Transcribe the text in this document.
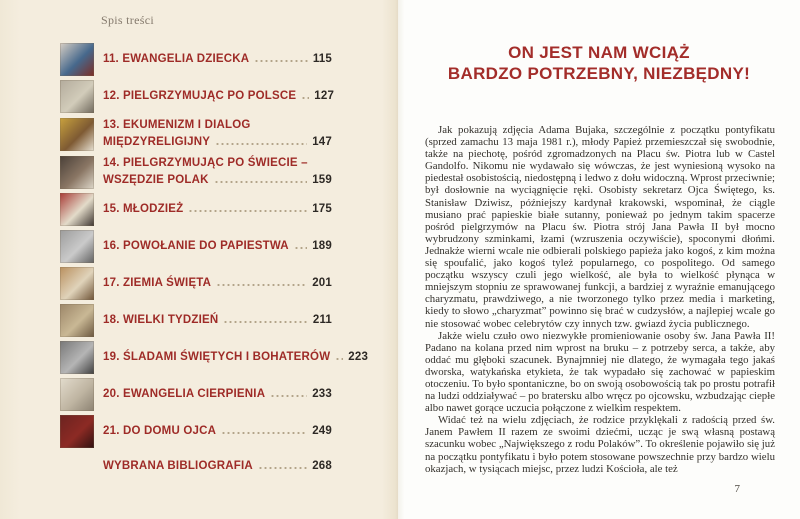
Spis treści
11. EWANGELIA DZIECKA	115
12. PIELGRZYMUJĄC PO POLSCE 127
13. EKUMENIZM I DIALOG
MIĘDZYRELIGIJNY	147
14. PIELGRZYMUJĄC PO ŚWIECIE –
WSZĘDZIE POLAK	159
15. MŁODZIEŻ	175
16. POWOŁANIE DO PAPIESTWA 189
17. ZIEMIA ŚWIĘTA	201
18. WIELKI TYDZIEŃ	211
19. ŚLADAMI ŚWIĘTYCH I BOHATERÓW 223
20. EWANGELIA CIERPIENIA	233
21. DO DOMU OJCA	249
WYBRANA BIBLIOGRAFIA	268
ON JEST NAM WCIĄŻ
BARDZO POTRZEBNY, NIEZBĘDNY!

Jak pokazują zdjęcia Adama Bujaka, szczególnie z początku pontyfikatu (sprzed zamachu 13 maja 1981 r.), młody Papież przemieszczał się swobodnie, także na piechotę, pośród zgromadzonych na Placu św. Piotra lub w Castel Gandolfo. Nikomu nie wydawało się wówczas, że jest wyniesioną wysoko na piedestał osobistością, niedostępną i ledwo z dołu widoczną. Wprost przeciwnie; był dosłownie na wyciągnięcie ręki. Osobisty sekretarz Ojca Świętego, ks. Stanisław Dziwisz, późniejszy kardynał krakowski, wspominał, że ciągle musiano prać papieskie białe sutanny, ponieważ po jednym takim spacerze pośród pielgrzymów na Placu św. Piotra strój Jana Pawła II był mocno wybrudzony szminkami, łzami (wzruszenia oczywiście), spoconymi dłońmi. Jednakże wierni wcale nie odbierali polskiego papieża jako kogoś, z kim można się spoufalić, jako kogoś tyleż popularnego, co pospolitego. Od samego początku wszyscy czuli jego wielkość, ale była to wielkość płynąca w mniejszym stopniu ze sprawowanej funkcji, a bardziej z wyraźnie emanującego charyzmatu, prawdziwego, a nie tworzonego tylko przez media i marketing, kiedy to słowo „charyzmat” powinno się brać w cudzysłów, a najlepiej wcale go nie stosować wobec celebrytów czy innych tzw. gwiazd życia publicznego.

Jakże wielu czuło owo niezwykłe promieniowanie osoby św. Jana Pawła II! Padano na kolana przed nim wprost na bruku – z potrzeby serca, a także, aby oddać mu głęboki szacunek. Bynajmniej nie dlatego, że wymagała tego jakaś dworska, watykańska etykieta, że tak wypadało się zachować w papieskim otoczeniu. To było spontaniczne, bo on swoją osobowością tak po prostu potrafił na ludzi oddziaływać – po bratersku albo wręcz po ojcowsku, wzbudzając ciepłe albo nawet gorące uczucia połączone z wielkim respektem.

Widać też na wielu zdjęciach, że rodzice przyklękali z radością przed św. Janem Pawłem II razem ze swoimi dziećmi, ucząc je swą własną postawą szacunku wobec „Największego z rodu Polaków”. To określenie pojawiło się już na początku pontyfikatu i było potem stosowane powszechnie przy bardzo wielu okazjach, w tysiącach miejsc, przez ludzi Kościoła, ale też

7
